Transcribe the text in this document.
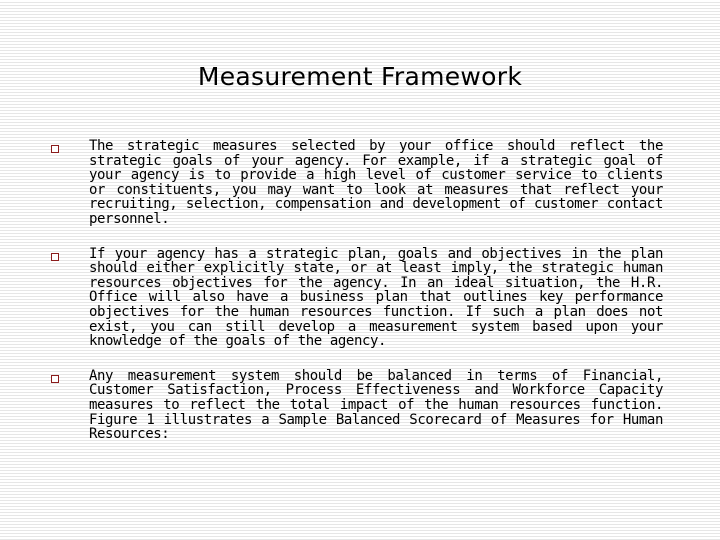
Measurement Framework

The strategic measures selected by your office should reflect the strategic goals of your agency. For example, if a strategic goal of your agency is to provide a high level of customer service to clients or constituents, you may want to look at measures that reflect your recruiting, selection, compensation and development of customer contact personnel.

If your agency has a strategic plan, goals and objectives in the plan should either explicitly state, or at least imply, the strategic human resources objectives for the agency. In an ideal situation, the H.R. Office will also have a business plan that outlines key performance objectives for the human resources function. If such a plan does not exist, you can still develop a measurement system based upon your knowledge of the goals of the agency.

Any measurement system should be balanced in terms of Financial, Customer Satisfaction, Process Effectiveness and Workforce Capacity measures to reflect the total impact of the human resources function. Figure 1 illustrates a Sample Balanced Scorecard of Measures for Human Resources:
